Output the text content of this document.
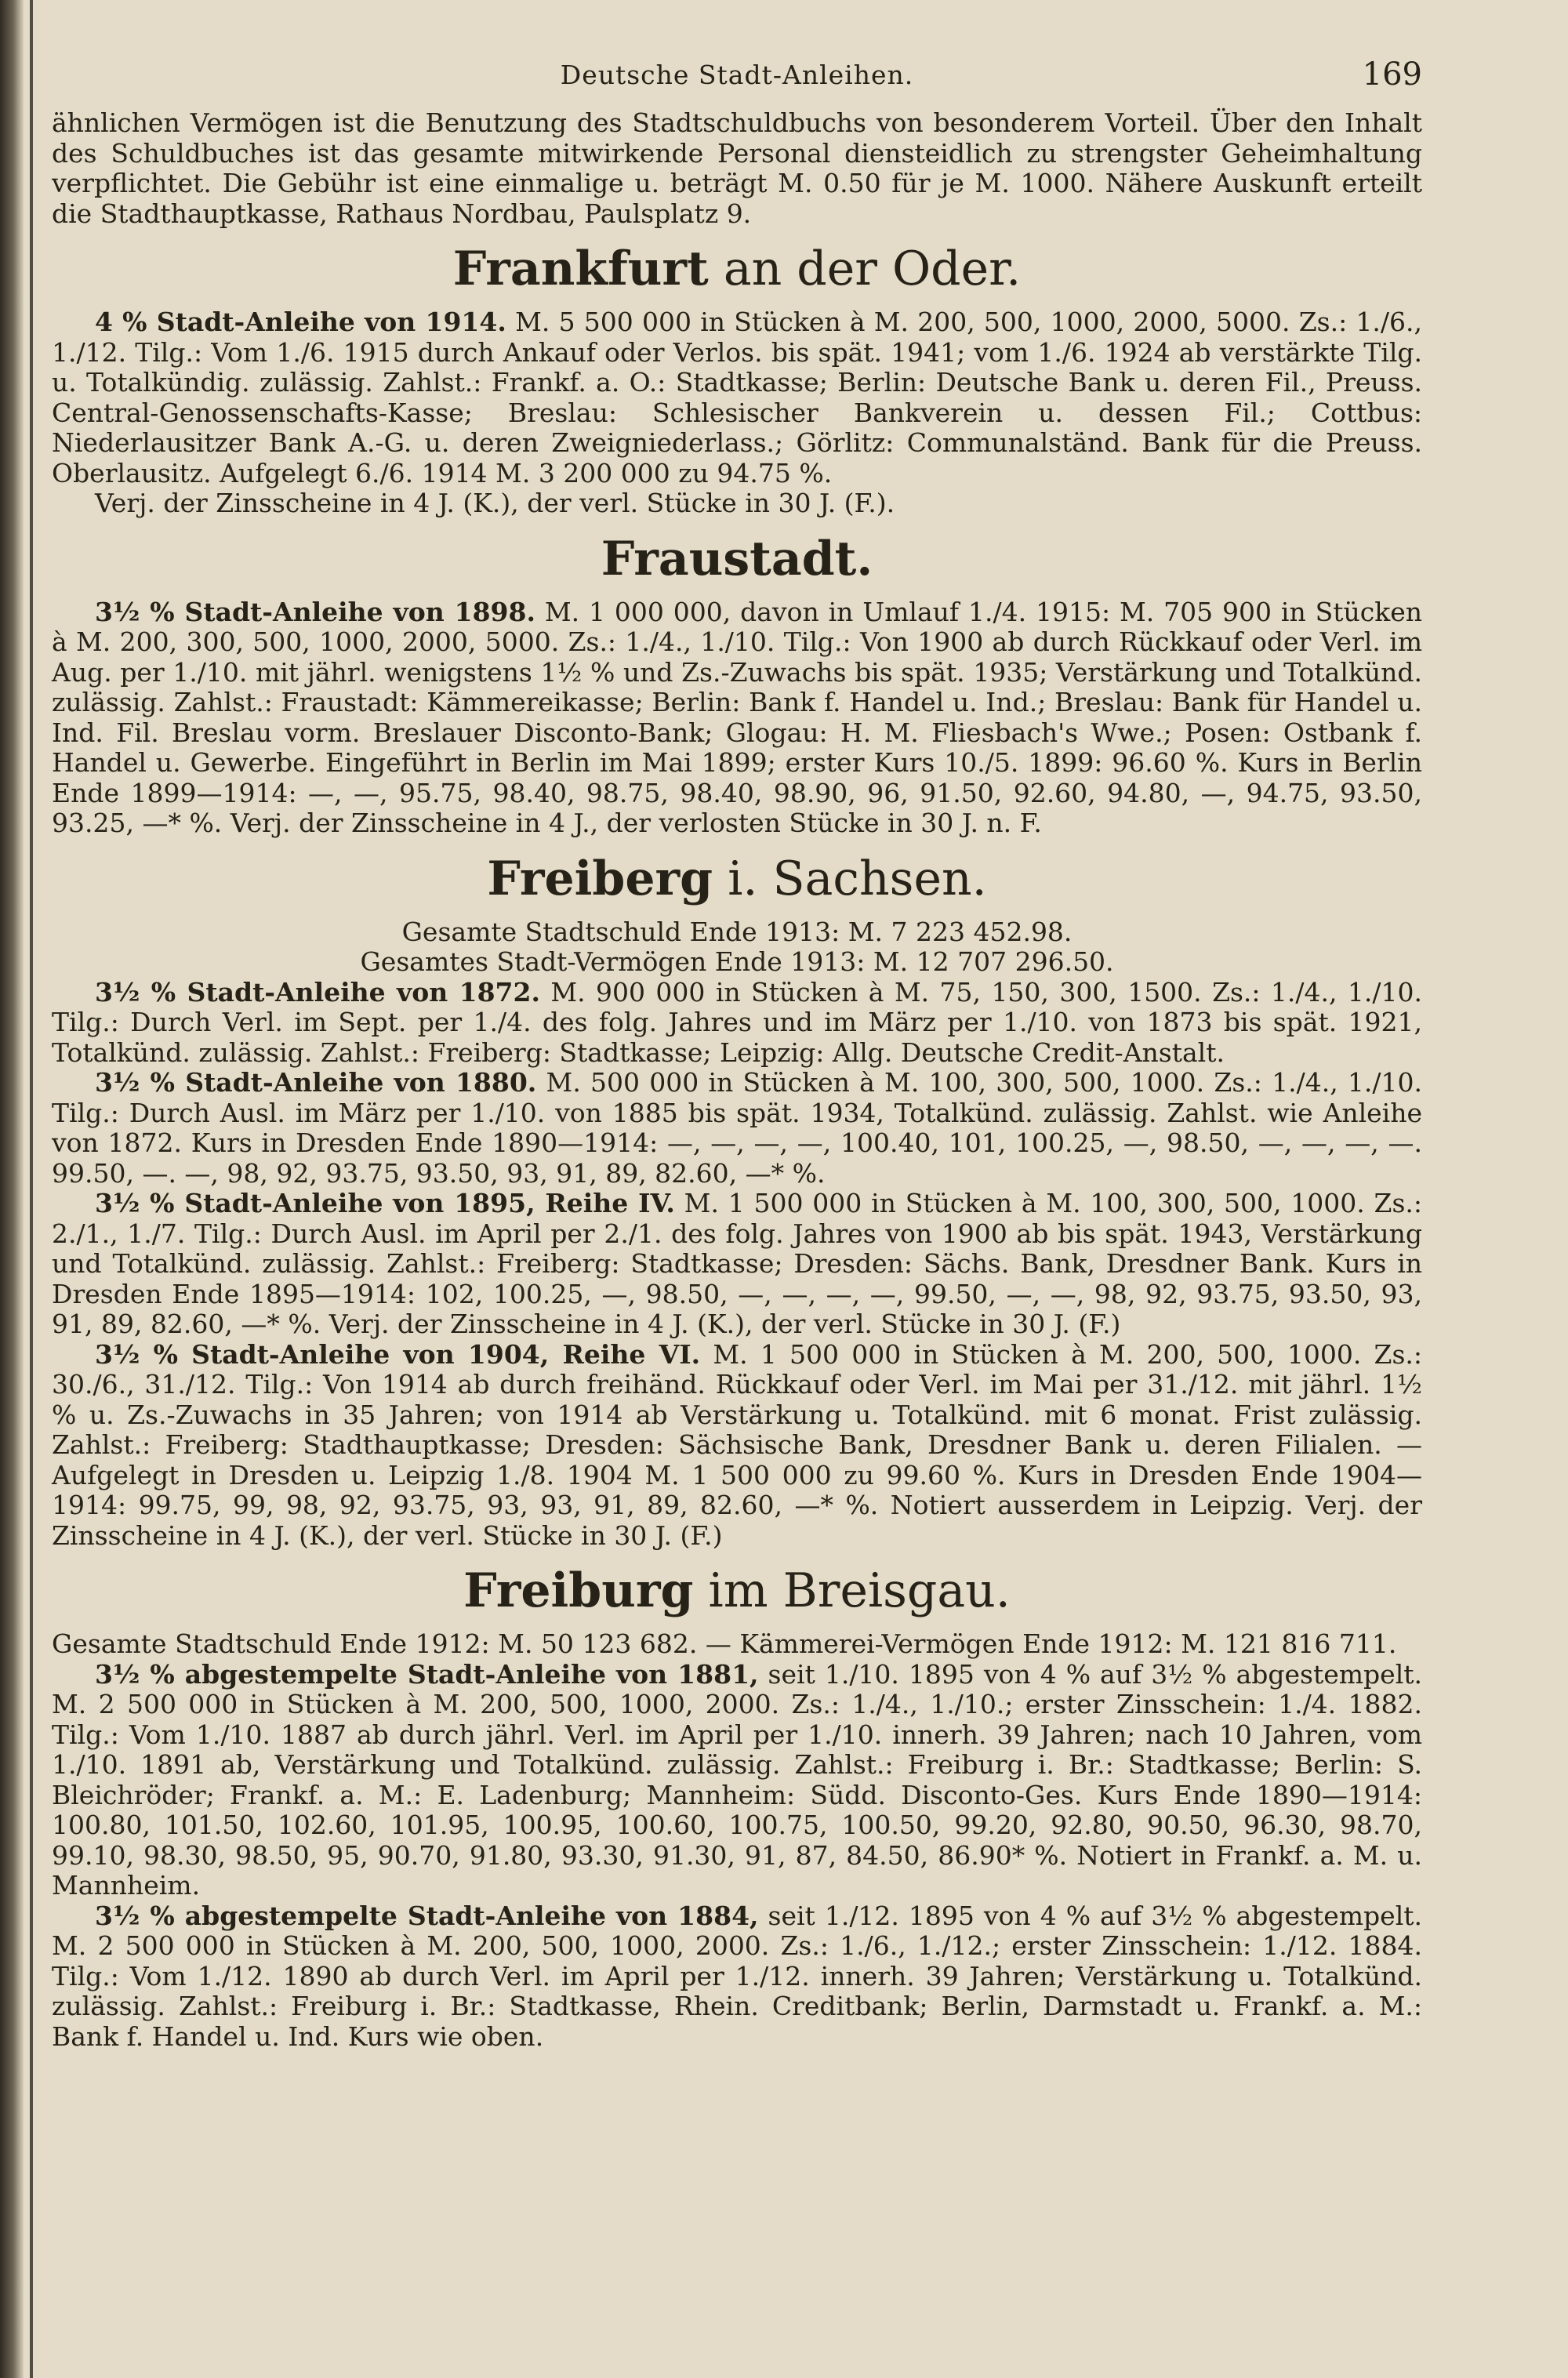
Deutsche Stadt-Anleihen.	169

ähnlichen Vermögen ist die Benutzung des Stadtschuldbuchs von besonderem Vorteil. Über den Inhalt des Schuldbuches ist das gesamte mitwirkende Personal diensteidlich zu strengster Geheimhaltung verpflichtet. Die Gebühr ist eine einmalige u. beträgt M. 0.50 für je M. 1000. Nähere Auskunft erteilt die Stadthauptkasse, Rathaus Nordbau, Paulsplatz 9.

Frankfurt an der Oder.

4 % Stadt-Anleihe von 1914. M. 5 500 000 in Stücken à M. 200, 500, 1000, 2000, 5000. Zs.: 1./6., 1./12. Tilg.: Vom 1./6. 1915 durch Ankauf oder Verlos. bis spät. 1941; vom 1./6. 1924 ab verstärkte Tilg. u. Totalkündig. zulässig. Zahlst.: Frankf. a. O.: Stadtkasse; Berlin: Deutsche Bank u. deren Fil., Preuss. Central-Genossenschafts-Kasse; Breslau: Schlesischer Bankverein u. dessen Fil.; Cottbus: Niederlausitzer Bank A.-G. u. deren Zweigniederlass.; Görlitz: Communalständ. Bank für die Preuss. Oberlausitz. Aufgelegt 6./6. 1914 M. 3 200 000 zu 94.75 %.

Verj. der Zinsscheine in 4 J. (K.), der verl. Stücke in 30 J. (F.).

Fraustadt.

3½ % Stadt-Anleihe von 1898. M. 1 000 000, davon in Umlauf 1./4. 1915: M. 705 900 in Stücken à M. 200, 300, 500, 1000, 2000, 5000. Zs.: 1./4., 1./10. Tilg.: Von 1900 ab durch Rückkauf oder Verl. im Aug. per 1./10. mit jährl. wenigstens 1½ % und Zs.-Zuwachs bis spät. 1935; Verstärkung und Totalkünd. zulässig. Zahlst.: Fraustadt: Kämmereikasse; Berlin: Bank f. Handel u. Ind.; Breslau: Bank für Handel u. Ind. Fil. Breslau vorm. Breslauer Disconto-Bank; Glogau: H. M. Fliesbach's Wwe.; Posen: Ostbank f. Handel u. Gewerbe. Eingeführt in Berlin im Mai 1899; erster Kurs 10./5. 1899: 96.60 %. Kurs in Berlin Ende 1899—1914: —, —, 95.75, 98.40, 98.75, 98.40, 98.90, 96, 91.50, 92.60, 94.80, —, 94.75, 93.50, 93.25, —* %. Verj. der Zinsscheine in 4 J., der verlosten Stücke in 30 J. n. F.

Freiberg i. Sachsen.

Gesamte Stadtschuld Ende 1913: M. 7 223 452.98.

Gesamtes Stadt-Vermögen Ende 1913: M. 12 707 296.50.

3½ % Stadt-Anleihe von 1872. M. 900 000 in Stücken à M. 75, 150, 300, 1500. Zs.: 1./4., 1./10. Tilg.: Durch Verl. im Sept. per 1./4. des folg. Jahres und im März per 1./10. von 1873 bis spät. 1921, Totalkünd. zulässig. Zahlst.: Freiberg: Stadtkasse; Leipzig: Allg. Deutsche Credit-Anstalt.

3½ % Stadt-Anleihe von 1880. M. 500 000 in Stücken à M. 100, 300, 500, 1000. Zs.: 1./4., 1./10. Tilg.: Durch Ausl. im März per 1./10. von 1885 bis spät. 1934, Totalkünd. zulässig. Zahlst. wie Anleihe von 1872. Kurs in Dresden Ende 1890—1914: —, —, —, —, 100.40, 101, 100.25, —, 98.50, —, —, —, —. 99.50, —. —, 98, 92, 93.75, 93.50, 93, 91, 89, 82.60, —* %.

3½ % Stadt-Anleihe von 1895, Reihe IV. M. 1 500 000 in Stücken à M. 100, 300, 500, 1000. Zs.: 2./1., 1./7. Tilg.: Durch Ausl. im April per 2./1. des folg. Jahres von 1900 ab bis spät. 1943, Verstärkung und Totalkünd. zulässig. Zahlst.: Freiberg: Stadtkasse; Dresden: Sächs. Bank, Dresdner Bank. Kurs in Dresden Ende 1895—1914: 102, 100.25, —, 98.50, —, —, —, —, 99.50, —, —, 98, 92, 93.75, 93.50, 93, 91, 89, 82.60, —* %. Verj. der Zinsscheine in 4 J. (K.), der verl. Stücke in 30 J. (F.)

3½ % Stadt-Anleihe von 1904, Reihe VI. M. 1 500 000 in Stücken à M. 200, 500, 1000. Zs.: 30./6., 31./12. Tilg.: Von 1914 ab durch freihänd. Rückkauf oder Verl. im Mai per 31./12. mit jährl. 1½ % u. Zs.-Zuwachs in 35 Jahren; von 1914 ab Verstärkung u. Totalkünd. mit 6 monat. Frist zulässig. Zahlst.: Freiberg: Stadthauptkasse; Dresden: Sächsische Bank, Dresdner Bank u. deren Filialen. — Aufgelegt in Dresden u. Leipzig 1./8. 1904 M. 1 500 000 zu 99.60 %. Kurs in Dresden Ende 1904—1914: 99.75, 99, 98, 92, 93.75, 93, 93, 91, 89, 82.60, —* %. Notiert ausserdem in Leipzig. Verj. der Zinsscheine in 4 J. (K.), der verl. Stücke in 30 J. (F.)

Freiburg im Breisgau.

Gesamte Stadtschuld Ende 1912: M. 50 123 682. — Kämmerei-Vermögen Ende 1912: M. 121 816 711.

3½ % abgestempelte Stadt-Anleihe von 1881, seit 1./10. 1895 von 4 % auf 3½ % abgestempelt. M. 2 500 000 in Stücken à M. 200, 500, 1000, 2000. Zs.: 1./4., 1./10.; erster Zinsschein: 1./4. 1882. Tilg.: Vom 1./10. 1887 ab durch jährl. Verl. im April per 1./10. innerh. 39 Jahren; nach 10 Jahren, vom 1./10. 1891 ab, Verstärkung und Totalkünd. zulässig. Zahlst.: Freiburg i. Br.: Stadtkasse; Berlin: S. Bleichröder; Frankf. a. M.: E. Ladenburg; Mannheim: Südd. Disconto-Ges. Kurs Ende 1890—1914: 100.80, 101.50, 102.60, 101.95, 100.95, 100.60, 100.75, 100.50, 99.20, 92.80, 90.50, 96.30, 98.70, 99.10, 98.30, 98.50, 95, 90.70, 91.80, 93.30, 91.30, 91, 87, 84.50, 86.90* %. Notiert in Frankf. a. M. u. Mannheim.

3½ % abgestempelte Stadt-Anleihe von 1884, seit 1./12. 1895 von 4 % auf 3½ % abgestempelt. M. 2 500 000 in Stücken à M. 200, 500, 1000, 2000. Zs.: 1./6., 1./12.; erster Zinsschein: 1./12. 1884. Tilg.: Vom 1./12. 1890 ab durch Verl. im April per 1./12. innerh. 39 Jahren; Verstärkung u. Totalkünd. zulässig. Zahlst.: Freiburg i. Br.: Stadtkasse, Rhein. Creditbank; Berlin, Darmstadt u. Frankf. a. M.: Bank f. Handel u. Ind. Kurs wie oben.
